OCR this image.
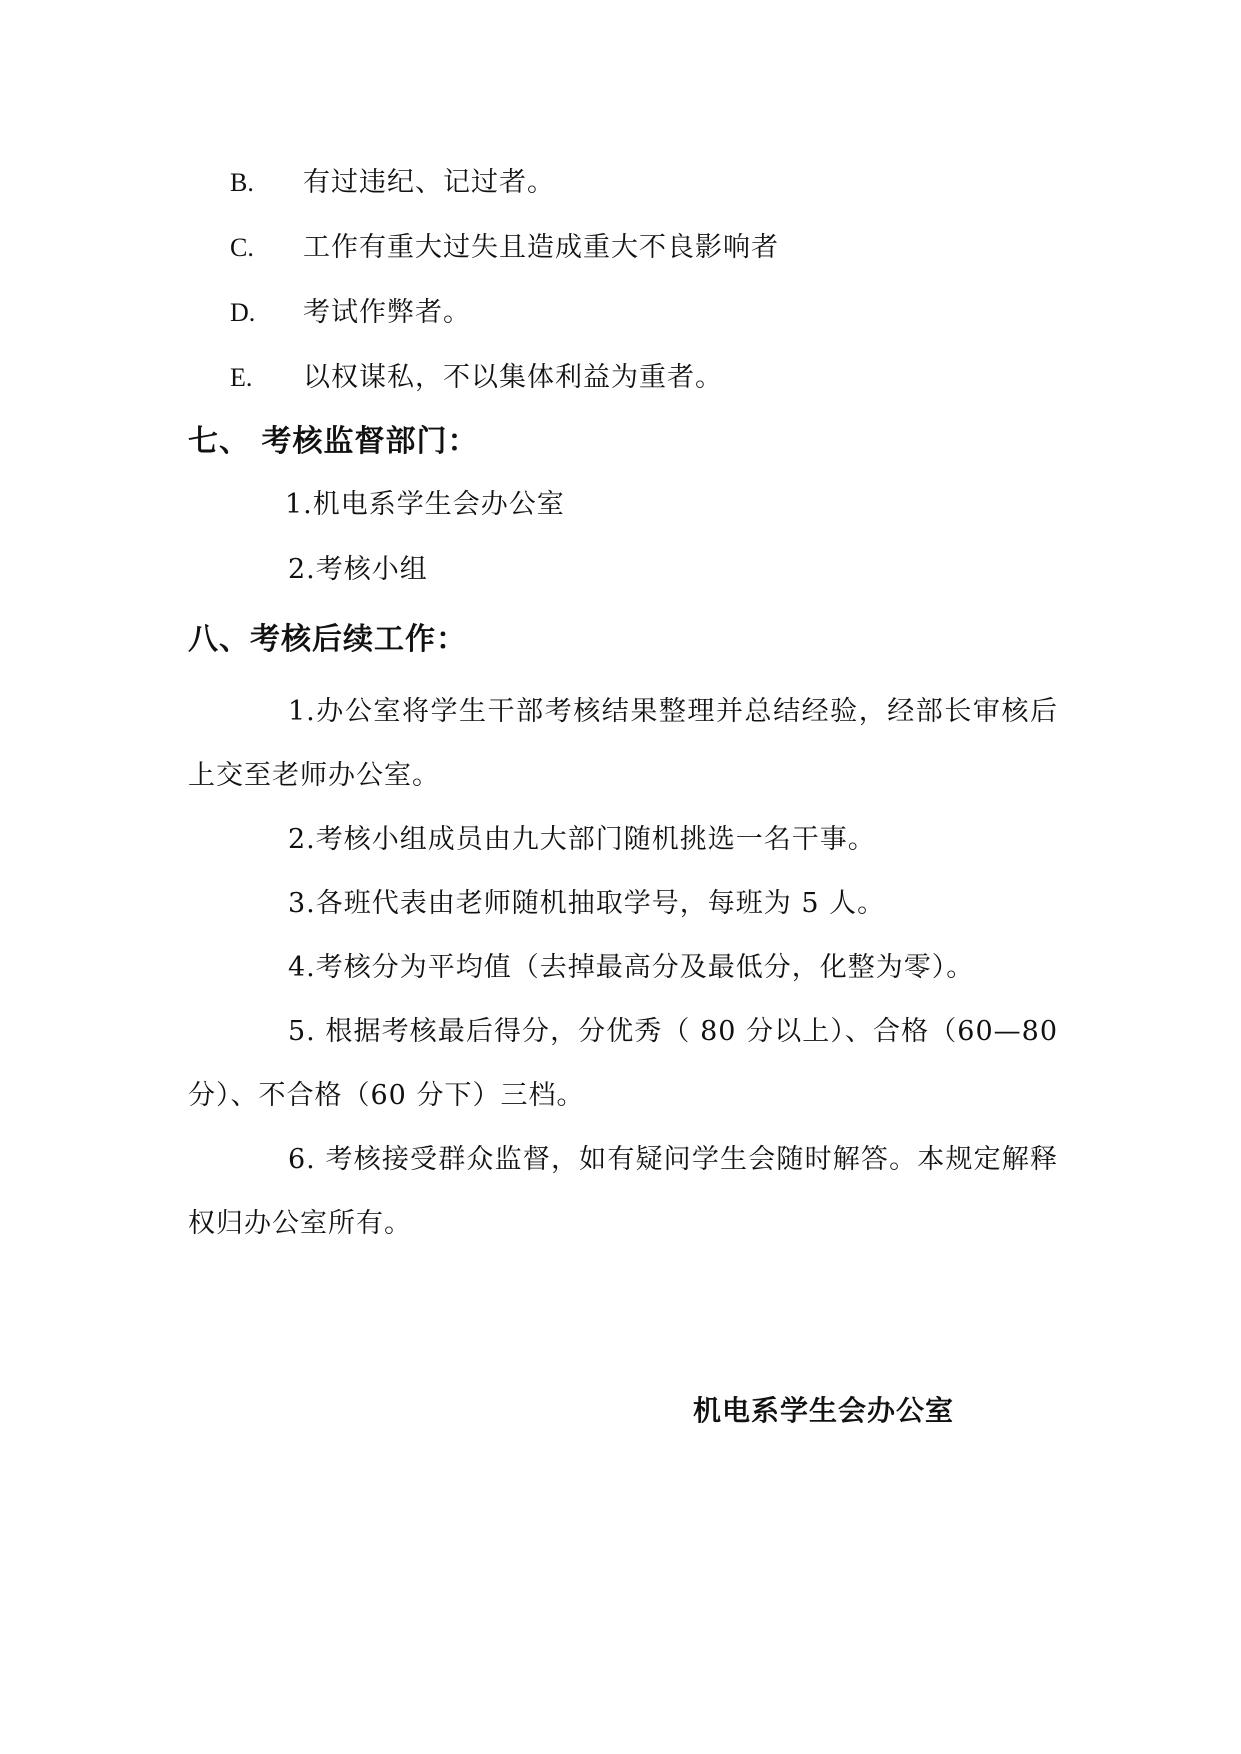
B. 有过违纪、记过者。
C. 工作有重大过失且造成重大不良影响者
D. 考试作弊者。
E. 以权谋私，不以集体利益为重者。
七、 考核监督部门：
1.机电系学生会办公室
2.考核小组
八、考核后续工作：
1.办公室将学生干部考核结果整理并总结经验，经部长审核后上交至老师办公室。
2.考核小组成员由九大部门随机挑选一名干事。
3.各班代表由老师随机抽取学号，每班为 5 人。
4.考核分为平均值（去掉最高分及最低分，化整为零）。
5. 根据考核最后得分，分优秀（ 80 分以上）、合格（60—80 分）、不合格（60 分下）三档。
6. 考核接受群众监督，如有疑问学生会随时解答。本规定解释权归办公室所有。
机电系学生会办公室
